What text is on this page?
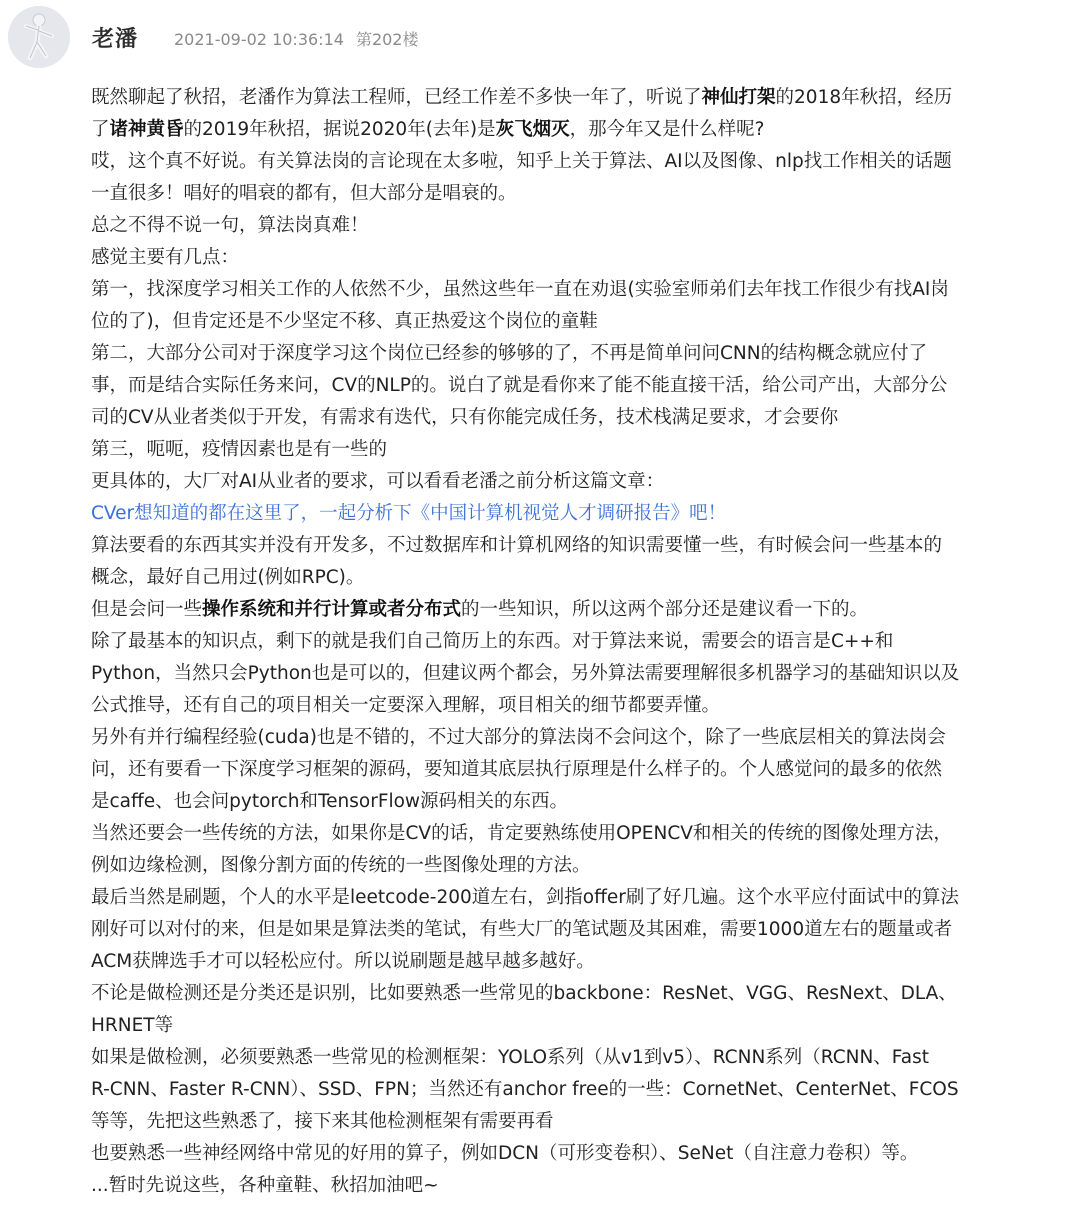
老潘 2021-09-02 10:36:14 第202楼
既然聊起了秋招，老潘作为算法工程师，已经工作差不多快一年了，听说了神仙打架的2018年秋招，经历
了诸神黄昏的2019年秋招，据说2020年(去年)是灰飞烟灭，那今年又是什么样呢?
哎，这个真不好说。有关算法岗的言论现在太多啦，知乎上关于算法、AI以及图像、nlp找工作相关的话题
一直很多！唱好的唱衰的都有，但大部分是唱衰的。
总之不得不说一句，算法岗真难！
感觉主要有几点：
第一，找深度学习相关工作的人依然不少，虽然这些年一直在劝退(实验室师弟们去年找工作很少有找AI岗
位的了)，但肯定还是不少坚定不移、真正热爱这个岗位的童鞋
第二，大部分公司对于深度学习这个岗位已经参的够够的了，不再是简单问问CNN的结构概念就应付了
事，而是结合实际任务来问，CV的NLP的。说白了就是看你来了能不能直接干活，给公司产出，大部分公
司的CV从业者类似于开发，有需求有迭代，只有你能完成任务，技术栈满足要求，才会要你
第三，呃呃，疫情因素也是有一些的
更具体的，大厂对AI从业者的要求，可以看看老潘之前分析这篇文章：
CVer想知道的都在这里了，一起分析下《中国计算机视觉人才调研报告》吧！
算法要看的东西其实并没有开发多，不过数据库和计算机网络的知识需要懂一些，有时候会问一些基本的
概念，最好自己用过(例如RPC)。
但是会问一些操作系统和并行计算或者分布式的一些知识，所以这两个部分还是建议看一下的。
除了最基本的知识点，剩下的就是我们自己简历上的东西。对于算法来说，需要会的语言是C++和
Python，当然只会Python也是可以的，但建议两个都会，另外算法需要理解很多机器学习的基础知识以及
公式推导，还有自己的项目相关一定要深入理解，项目相关的细节都要弄懂。
另外有并行编程经验(cuda)也是不错的，不过大部分的算法岗不会问这个，除了一些底层相关的算法岗会
问，还有要看一下深度学习框架的源码，要知道其底层执行原理是什么样子的。个人感觉问的最多的依然
是caffe、也会问pytorch和TensorFlow源码相关的东西。
当然还要会一些传统的方法，如果你是CV的话，肯定要熟练使用OPENCV和相关的传统的图像处理方法，
例如边缘检测，图像分割方面的传统的一些图像处理的方法。
最后当然是刷题，个人的水平是leetcode-200道左右，剑指offer刷了好几遍。这个水平应付面试中的算法
刚好可以对付的来，但是如果是算法类的笔试，有些大厂的笔试题及其困难，需要1000道左右的题量或者
ACM获牌选手才可以轻松应付。所以说刷题是越早越多越好。
不论是做检测还是分类还是识别，比如要熟悉一些常见的backbone：ResNet、VGG、ResNext、DLA、
HRNET等
如果是做检测，必须要熟悉一些常见的检测框架：YOLO系列（从v1到v5）、RCNN系列（RCNN、Fast
R-CNN、Faster R-CNN）、SSD、FPN；当然还有anchor free的一些：CornetNet、CenterNet、FCOS
等等，先把这些熟悉了，接下来其他检测框架有需要再看
也要熟悉一些神经网络中常见的好用的算子，例如DCN（可形变卷积）、SeNet（自注意力卷积）等。
...暂时先说这些，各种童鞋、秋招加油吧~
